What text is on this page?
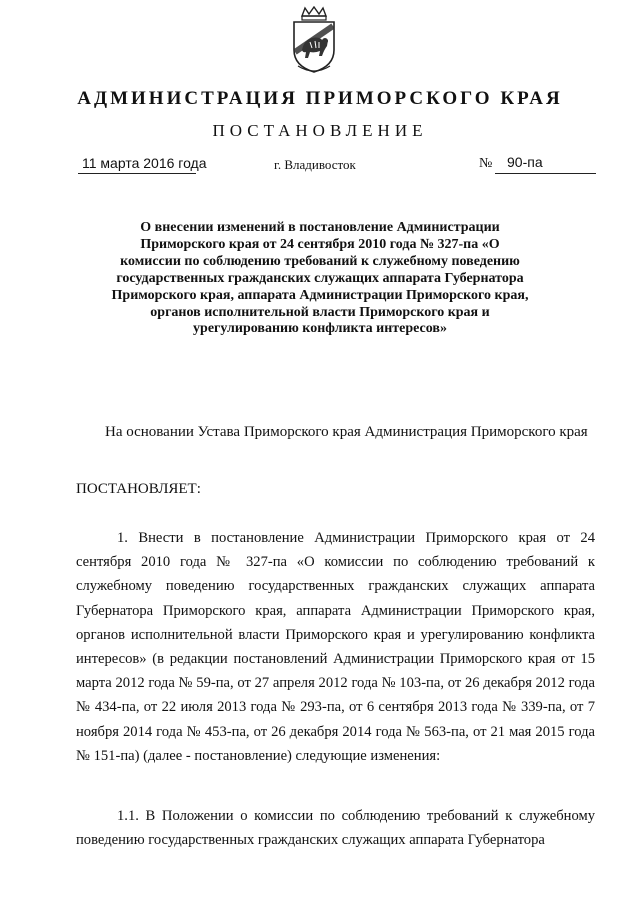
АДМИНИСТРАЦИЯ ПРИМОРСКОГО КРАЯ
ПОСТАНОВЛЕНИЕ
11 марта 2016 года	г. Владивосток	№ 90-па

О внесении изменений в постановление Администрации Приморского края от 24 сентября 2010 года № 327-па «О комиссии по соблюдению требований к служебному поведению государственных гражданских служащих аппарата Губернатора Приморского края, аппарата Администрации Приморского края, органов исполнительной власти Приморского края и урегулированию конфликта интересов»

На основании Устава Приморского края Администрация Приморского края

ПОСТАНОВЛЯЕТ:

1. Внести в постановление Администрации Приморского края от 24 сентября 2010 года № 327-па «О комиссии по соблюдению требований к служебному поведению государственных гражданских служащих аппарата Губернатора Приморского края, аппарата Администрации Приморского края, органов исполнительной власти Приморского края и урегулированию конфликта интересов» (в редакции постановлений Администрации Приморского края от 15 марта 2012 года № 59-па, от 27 апреля 2012 года № 103-па, от 26 декабря 2012 года № 434-па, от 22 июля 2013 года № 293-па, от 6 сентября 2013 года № 339-па, от 7 ноября 2014 года № 453-па, от 26 декабря 2014 года № 563-па, от 21 мая 2015 года № 151-па) (далее - постановление) следующие изменения:

1.1. В Положении о комиссии по соблюдению требований к служебному поведению государственных гражданских служащих аппарата Губернатора
